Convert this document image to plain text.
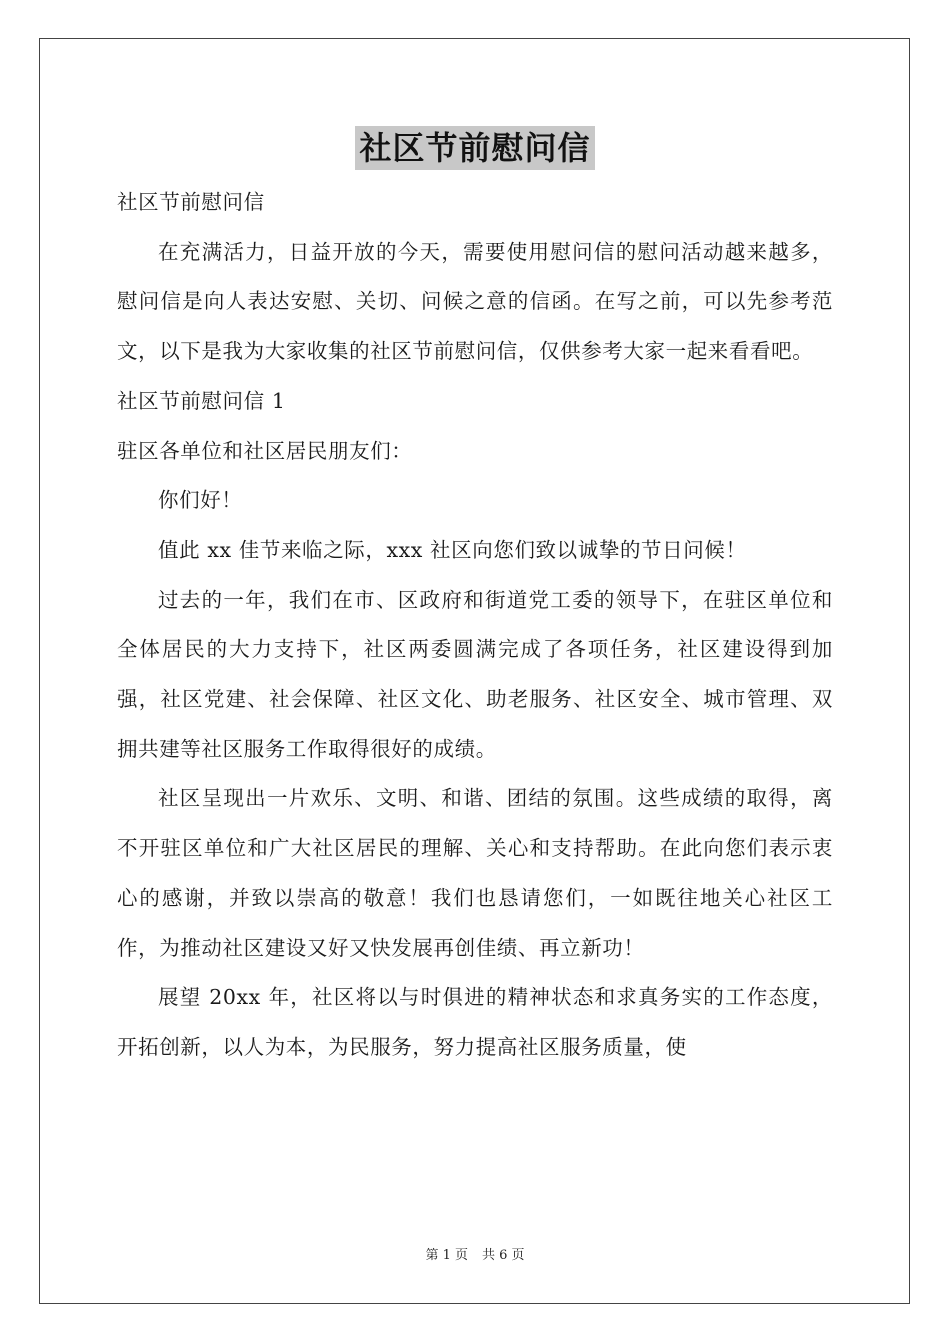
社区节前慰问信

社区节前慰问信

在充满活力，日益开放的今天，需要使用慰问信的慰问活动越来越多，慰问信是向人表达安慰、关切、问候之意的信函。在写之前，可以先参考范文，以下是我为大家收集的社区节前慰问信，仅供参考大家一起来看看吧。

社区节前慰问信 1

驻区各单位和社区居民朋友们：

你们好！

值此 xx 佳节来临之际，xxx 社区向您们致以诚挚的节日问候！

过去的一年，我们在市、区政府和街道党工委的领导下，在驻区单位和全体居民的大力支持下，社区两委圆满完成了各项任务，社区建设得到加强，社区党建、社会保障、社区文化、助老服务、社区安全、城市管理、双拥共建等社区服务工作取得很好的成绩。

社区呈现出一片欢乐、文明、和谐、团结的氛围。这些成绩的取得，离不开驻区单位和广大社区居民的理解、关心和支持帮助。在此向您们表示衷心的感谢，并致以崇高的敬意！我们也恳请您们，一如既往地关心社区工作，为推动社区建设又好又快发展再创佳绩、再立新功！

展望 20xx 年，社区将以与时俱进的精神状态和求真务实的工作态度，开拓创新，以人为本，为民服务，努力提高社区服务质量，使

第 1 页 共 6 页
